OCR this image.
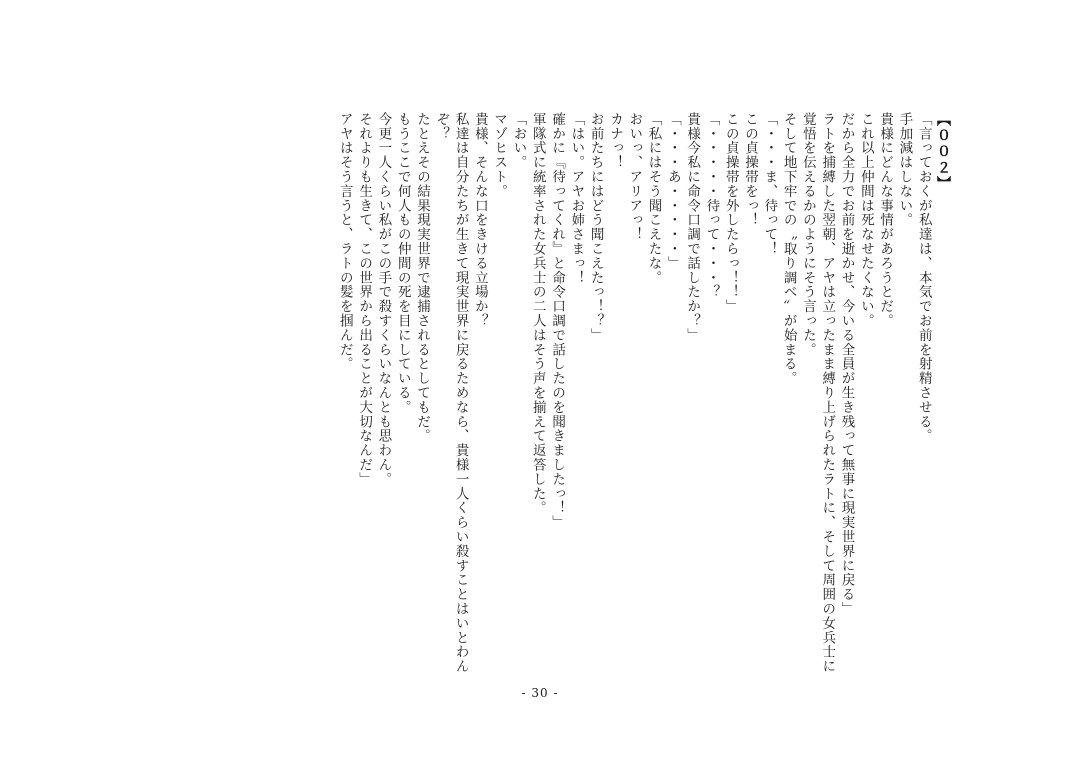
【００２】
「言っておくが私達は、本気でお前を射精させる。
手加減はしない。
貴様にどんな事情があろうとだ。
これ以上仲間は死なせたくない。
だから全力でお前を逝かせ、今いる全員が生き残って無事に現実世界に戻る」
ラトを捕縛した翌朝、アヤは立ったまま縛り上げられたラトに、そして周囲の女兵士に
覚悟を伝えるかのようにそう言った。
そして地下牢での〝取り調べ〟が始まる。
「・・・ま、待って！
この貞操帯をっ！
この貞操帯を外したらっ！！」
「・・・・・待って・・・？
貴様今私に命令口調で話したか？」
「・・・あ・・・・・」
「私にはそう聞こえたな。
おいっ、アリアっ！
カナっ！
お前たちにはどう聞こえたっ！？」
「はい。アヤお姉さまっ！
確かに『待ってくれ』と命令口調で話したのを聞きましたっ！」
軍隊式に統率された女兵士の二人はそう声を揃えて返答した。
「おい。
マゾヒスト。
貴様、そんな口をきける立場か？
私達は自分たちが生きて現実世界に戻るためなら、貴様一人くらい殺すことはいとわん
ぞ？
たとえその結果現実世界で逮捕されるとしてもだ。
もうここで何人もの仲間の死を目にしている。
今更一人くらい私がこの手で殺すくらいなんとも思わん。
それよりも生きて、この世界から出ることが大切なんだ」
アヤはそう言うと、ラトの髪を掴んだ。
- 30 -
